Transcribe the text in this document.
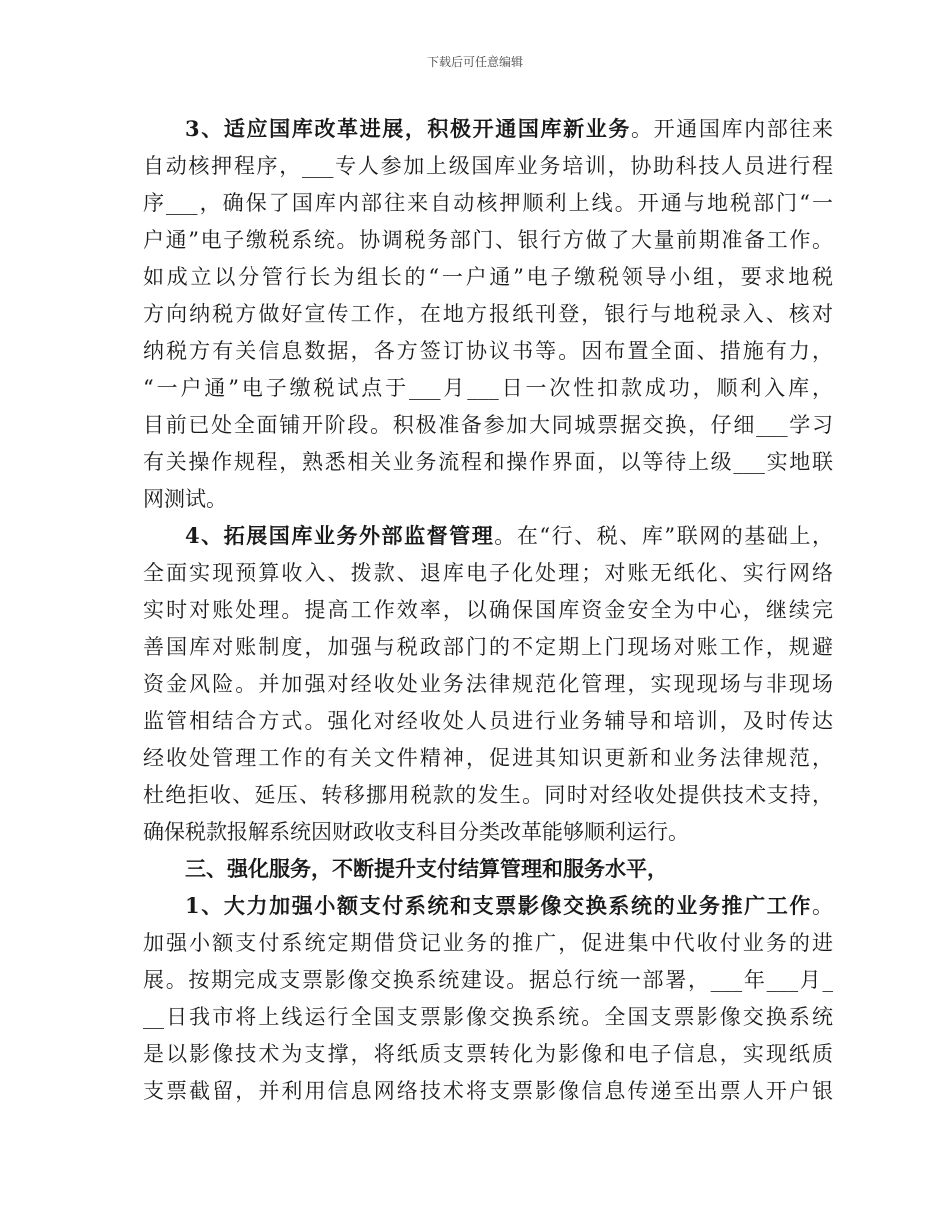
下载后可任意编辑
3、适应国库改革进展，积极开通国库新业务。开通国库内部往来
自动核押程序，___专人参加上级国库业务培训，协助科技人员进行程
序___，确保了国库内部往来自动核押顺利上线。开通与地税部门“一
户通”电子缴税系统。协调税务部门、银行方做了大量前期准备工作。
如成立以分管行长为组长的“一户通”电子缴税领导小组，要求地税
方向纳税方做好宣传工作，在地方报纸刊登，银行与地税录入、核对
纳税方有关信息数据，各方签订协议书等。因布置全面、措施有力，
“一户通”电子缴税试点于___月___日一次性扣款成功，顺利入库，
目前已处全面铺开阶段。积极准备参加大同城票据交换，仔细___学习
有关操作规程，熟悉相关业务流程和操作界面，以等待上级___实地联
网测试。
4、拓展国库业务外部监督管理。在“行、税、库”联网的基础上，
全面实现预算收入、拨款、退库电子化处理；对账无纸化、实行网络
实时对账处理。提高工作效率，以确保国库资金安全为中心，继续完
善国库对账制度，加强与税政部门的不定期上门现场对账工作，规避
资金风险。并加强对经收处业务法律规范化管理，实现现场与非现场
监管相结合方式。强化对经收处人员进行业务辅导和培训，及时传达
经收处管理工作的有关文件精神，促进其知识更新和业务法律规范，
杜绝拒收、延压、转移挪用税款的发生。同时对经收处提供技术支持，
确保税款报解系统因财政收支科目分类改革能够顺利运行。
三、强化服务，不断提升支付结算管理和服务水平，
1、大力加强小额支付系统和支票影像交换系统的业务推广工作。
加强小额支付系统定期借贷记业务的推广，促进集中代收付业务的进
展。按期完成支票影像交换系统建设。据总行统一部署，___年___月_
__日我市将上线运行全国支票影像交换系统。全国支票影像交换系统
是以影像技术为支撑，将纸质支票转化为影像和电子信息，实现纸质
支票截留，并利用信息网络技术将支票影像信息传递至出票人开户银
